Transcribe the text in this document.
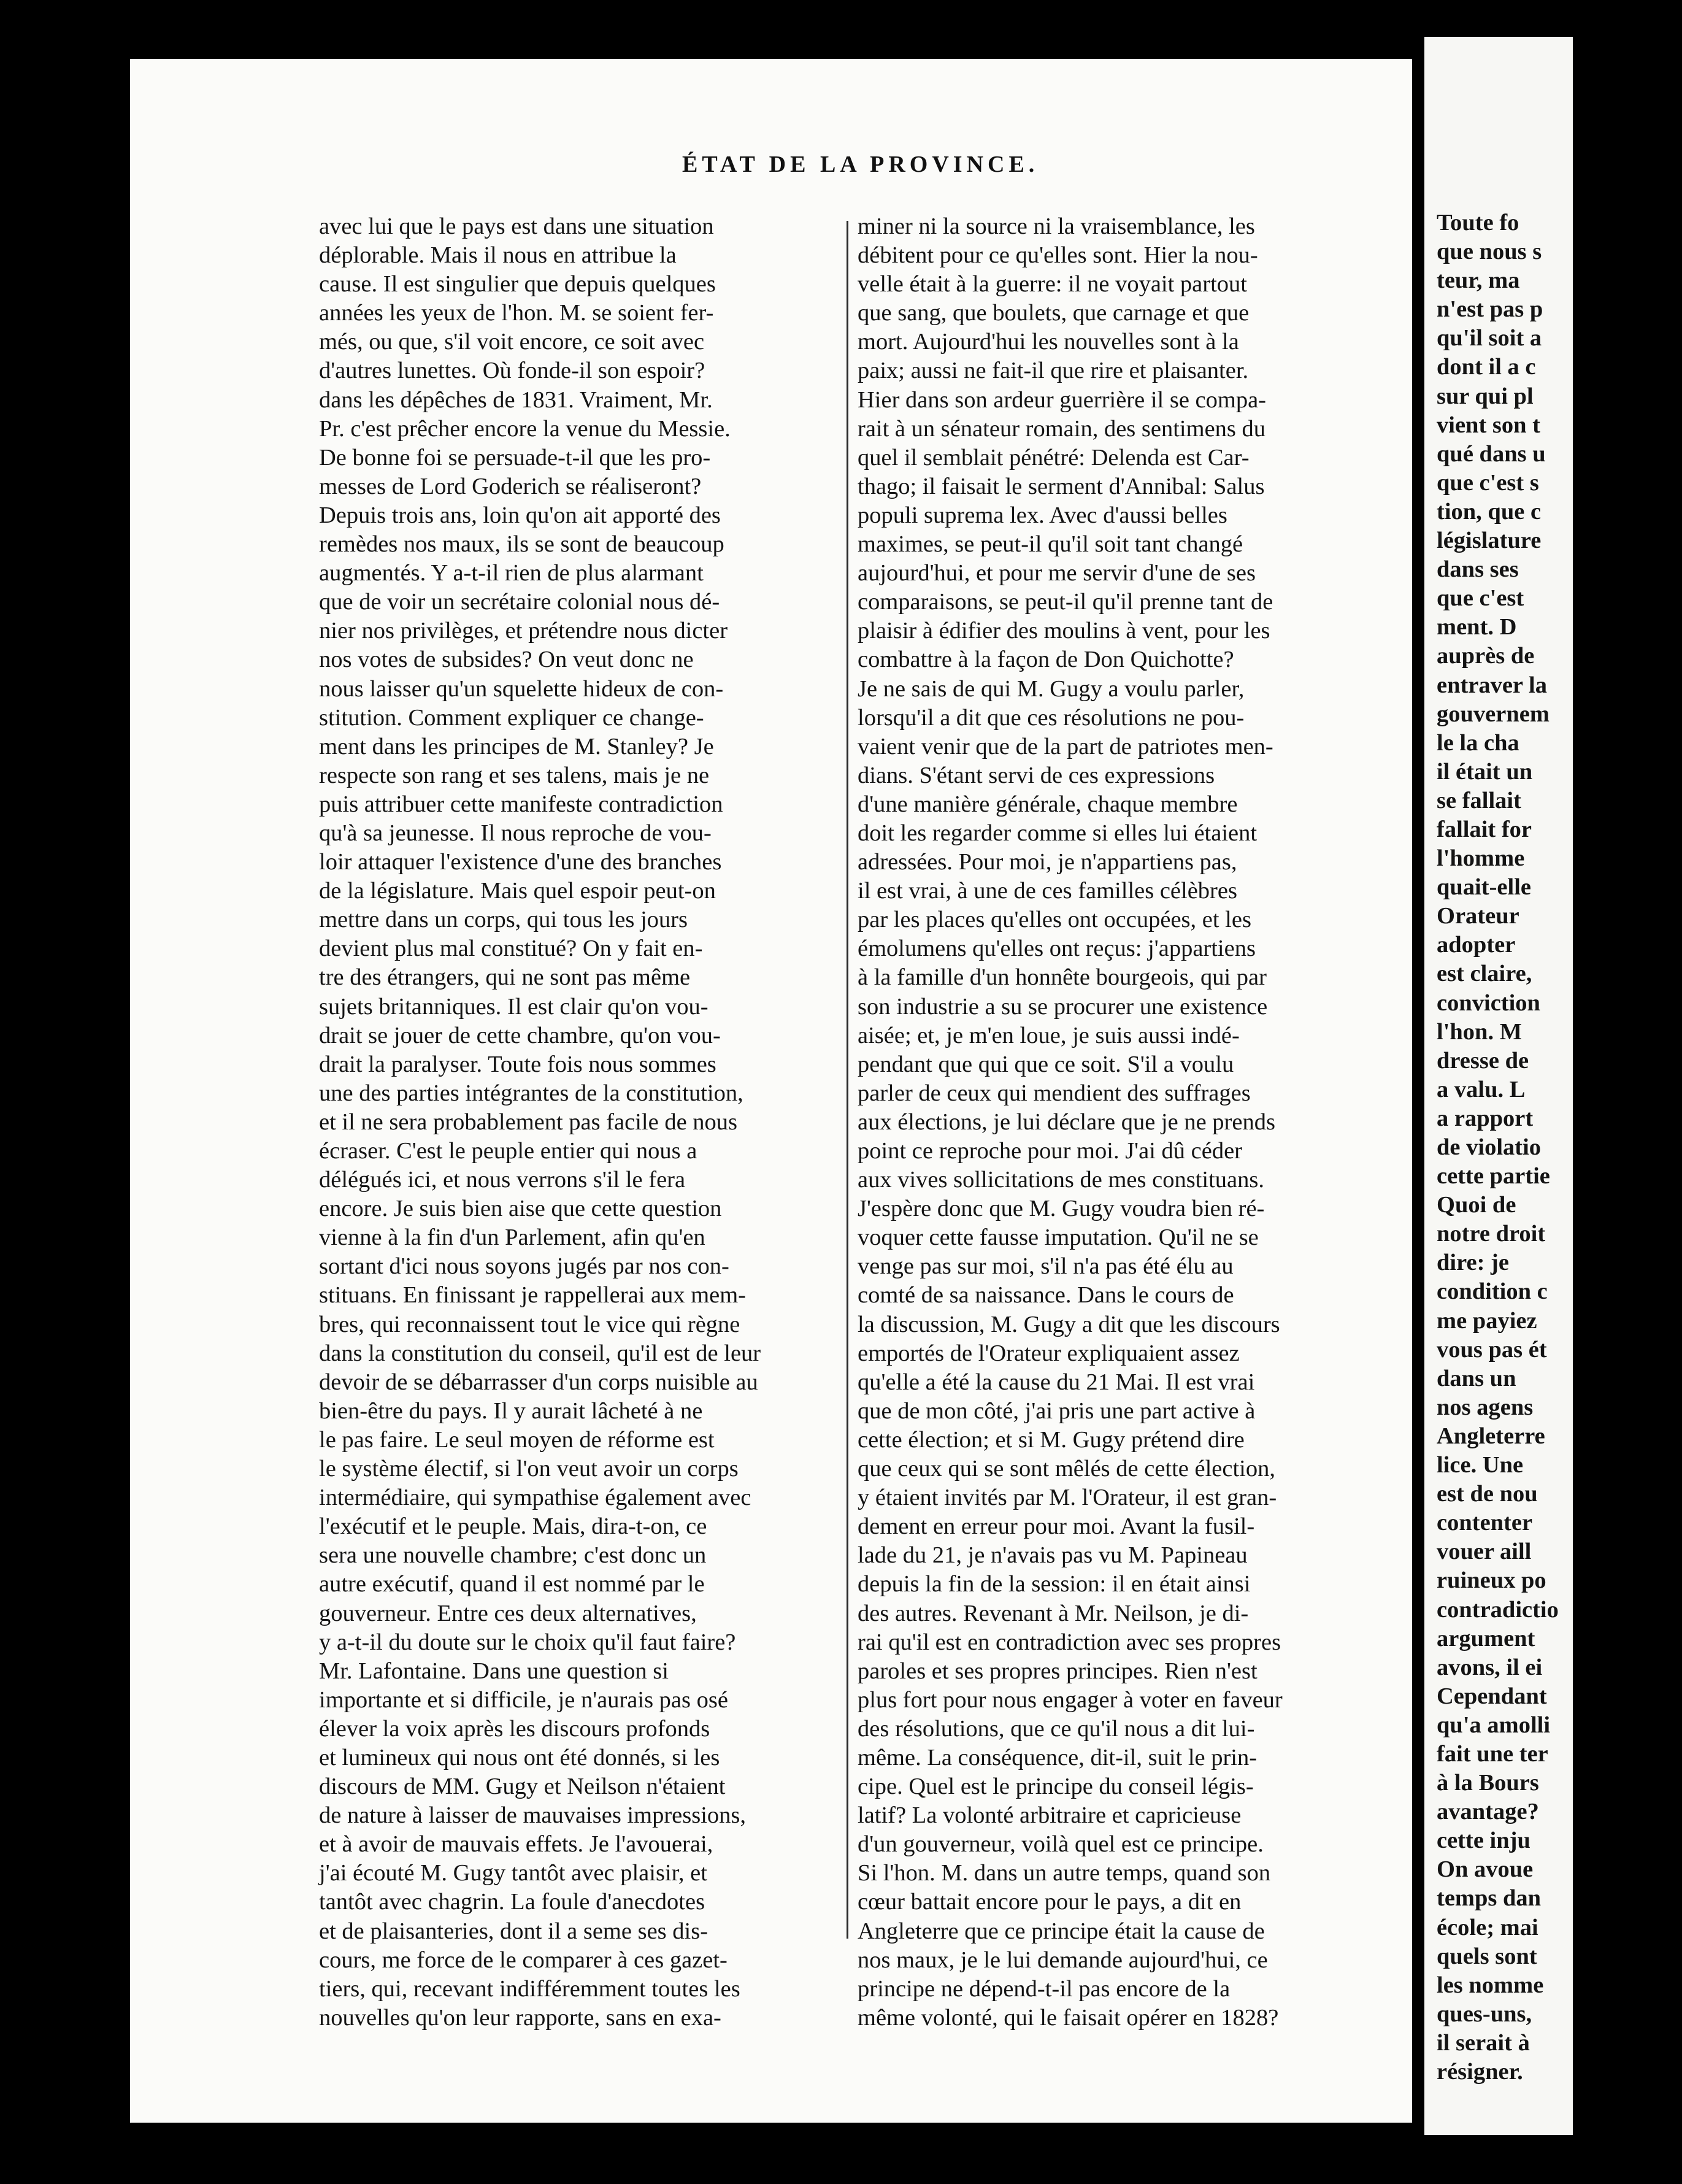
ÉTAT DE LA PROVINCE.
avec lui que le pays est dans une situation
déplorable. Mais il nous en attribue la
cause. Il est singulier que depuis quelques
années les yeux de l'hon. M. se soient fer-
més, ou que, s'il voit encore, ce soit avec
d'autres lunettes. Où fonde-il son espoir?
dans les dépêches de 1831. Vraiment, Mr.
Pr. c'est prêcher encore la venue du Messie.
De bonne foi se persuade-t-il que les pro-
messes de Lord Goderich se réaliseront?
Depuis trois ans, loin qu'on ait apporté des
remèdes nos maux, ils se sont de beaucoup
augmentés. Y a-t-il rien de plus alarmant
que de voir un secrétaire colonial nous dé-
nier nos privilèges, et prétendre nous dicter
nos votes de subsides? On veut donc ne
nous laisser qu'un squelette hideux de con-
stitution. Comment expliquer ce change-
ment dans les principes de M. Stanley? Je
respecte son rang et ses talens, mais je ne
puis attribuer cette manifeste contradiction
qu'à sa jeunesse. Il nous reproche de vou-
loir attaquer l'existence d'une des branches
de la législature. Mais quel espoir peut-on
mettre dans un corps, qui tous les jours
devient plus mal constitué? On y fait en-
tre des étrangers, qui ne sont pas même
sujets britanniques. Il est clair qu'on vou-
drait se jouer de cette chambre, qu'on vou-
drait la paralyser. Toute fois nous sommes
une des parties intégrantes de la constitution,
et il ne sera probablement pas facile de nous
écraser. C'est le peuple entier qui nous a
délégués ici, et nous verrons s'il le fera
encore. Je suis bien aise que cette question
vienne à la fin d'un Parlement, afin qu'en
sortant d'ici nous soyons jugés par nos con-
stituans. En finissant je rappellerai aux mem-
bres, qui reconnaissent tout le vice qui règne
dans la constitution du conseil, qu'il est de leur
devoir de se débarrasser d'un corps nuisible au
bien-être du pays. Il y aurait lâcheté à ne
le pas faire. Le seul moyen de réforme est
le système électif, si l'on veut avoir un corps
intermédiaire, qui sympathise également avec
l'exécutif et le peuple. Mais, dira-t-on, ce
sera une nouvelle chambre; c'est donc un
autre exécutif, quand il est nommé par le
gouverneur. Entre ces deux alternatives,
y a-t-il du doute sur le choix qu'il faut faire?
Mr. Lafontaine. Dans une question si
importante et si difficile, je n'aurais pas osé
élever la voix après les discours profonds
et lumineux qui nous ont été donnés, si les
discours de MM. Gugy et Neilson n'étaient
de nature à laisser de mauvaises impressions,
et à avoir de mauvais effets. Je l'avouerai,
j'ai écouté M. Gugy tantôt avec plaisir, et
tantôt avec chagrin. La foule d'anecdotes
et de plaisanteries, dont il a seme ses dis-
cours, me force de le comparer à ces gazet-
tiers, qui, recevant indifféremment toutes les
nouvelles qu'on leur rapporte, sans en exa-
miner ni la source ni la vraisemblance, les
débitent pour ce qu'elles sont. Hier la nou-
velle était à la guerre: il ne voyait partout
que sang, que boulets, que carnage et que
mort. Aujourd'hui les nouvelles sont à la
paix; aussi ne fait-il que rire et plaisanter.
Hier dans son ardeur guerrière il se compa-
rait à un sénateur romain, des sentimens du
quel il semblait pénétré: Delenda est Car-
thago; il faisait le serment d'Annibal: Salus
populi suprema lex. Avec d'aussi belles
maximes, se peut-il qu'il soit tant changé
aujourd'hui, et pour me servir d'une de ses
comparaisons, se peut-il qu'il prenne tant de
plaisir à édifier des moulins à vent, pour les
combattre à la façon de Don Quichotte?
Je ne sais de qui M. Gugy a voulu parler,
lorsqu'il a dit que ces résolutions ne pou-
vaient venir que de la part de patriotes men-
dians. S'étant servi de ces expressions
d'une manière générale, chaque membre
doit les regarder comme si elles lui étaient
adressées. Pour moi, je n'appartiens pas,
il est vrai, à une de ces familles célèbres
par les places qu'elles ont occupées, et les
émolumens qu'elles ont reçus: j'appartiens
à la famille d'un honnête bourgeois, qui par
son industrie a su se procurer une existence
aisée; et, je m'en loue, je suis aussi indé-
pendant que qui que ce soit. S'il a voulu
parler de ceux qui mendient des suffrages
aux élections, je lui déclare que je ne prends
point ce reproche pour moi. J'ai dû céder
aux vives sollicitations de mes constituans.
J'espère donc que M. Gugy voudra bien ré-
voquer cette fausse imputation. Qu'il ne se
venge pas sur moi, s'il n'a pas été élu au
comté de sa naissance. Dans le cours de
la discussion, M. Gugy a dit que les discours
emportés de l'Orateur expliquaient assez
qu'elle a été la cause du 21 Mai. Il est vrai
que de mon côté, j'ai pris une part active à
cette élection; et si M. Gugy prétend dire
que ceux qui se sont mêlés de cette élection,
y étaient invités par M. l'Orateur, il est gran-
dement en erreur pour moi. Avant la fusil-
lade du 21, je n'avais pas vu M. Papineau
depuis la fin de la session: il en était ainsi
des autres. Revenant à Mr. Neilson, je di-
rai qu'il est en contradiction avec ses propres
paroles et ses propres principes. Rien n'est
plus fort pour nous engager à voter en faveur
des résolutions, que ce qu'il nous a dit lui-
même. La conséquence, dit-il, suit le prin-
cipe. Quel est le principe du conseil légis-
latif? La volonté arbitraire et capricieuse
d'un gouverneur, voilà quel est ce principe.
Si l'hon. M. dans un autre temps, quand son
cœur battait encore pour le pays, a dit en
Angleterre que ce principe était la cause de
nos maux, je le lui demande aujourd'hui, ce
principe ne dépend-t-il pas encore de la
même volonté, qui le faisait opérer en 1828?
Toute fo
que nous s
teur, ma
n'est pas p
qu'il soit a
dont il a c
sur qui pl
vient son t
qué dans u
que c'est s
tion, que c
législature
dans ses
que c'est
ment. D
auprès de
entraver la
gouvernem
le la cha
il était un
se fallait
fallait for
l'homme
quait-elle
Orateur
adopter
est claire,
conviction
l'hon. M
dresse de
a valu. L
a rapport
de violatio
cette partie
Quoi de
notre droit
dire: je
condition c
me payiez
vous pas ét
dans un
nos agens
Angleterre
lice. Une
est de nou
contenter
vouer aill
ruineux po
contradictio
argument
avons, il ei
Cependant
qu'a amolli
fait une ter
à la Bours
avantage?
cette inju
On avoue
temps dan
école; mai
quels sont
les nomme
ques-uns,
il serait à
résigner.
